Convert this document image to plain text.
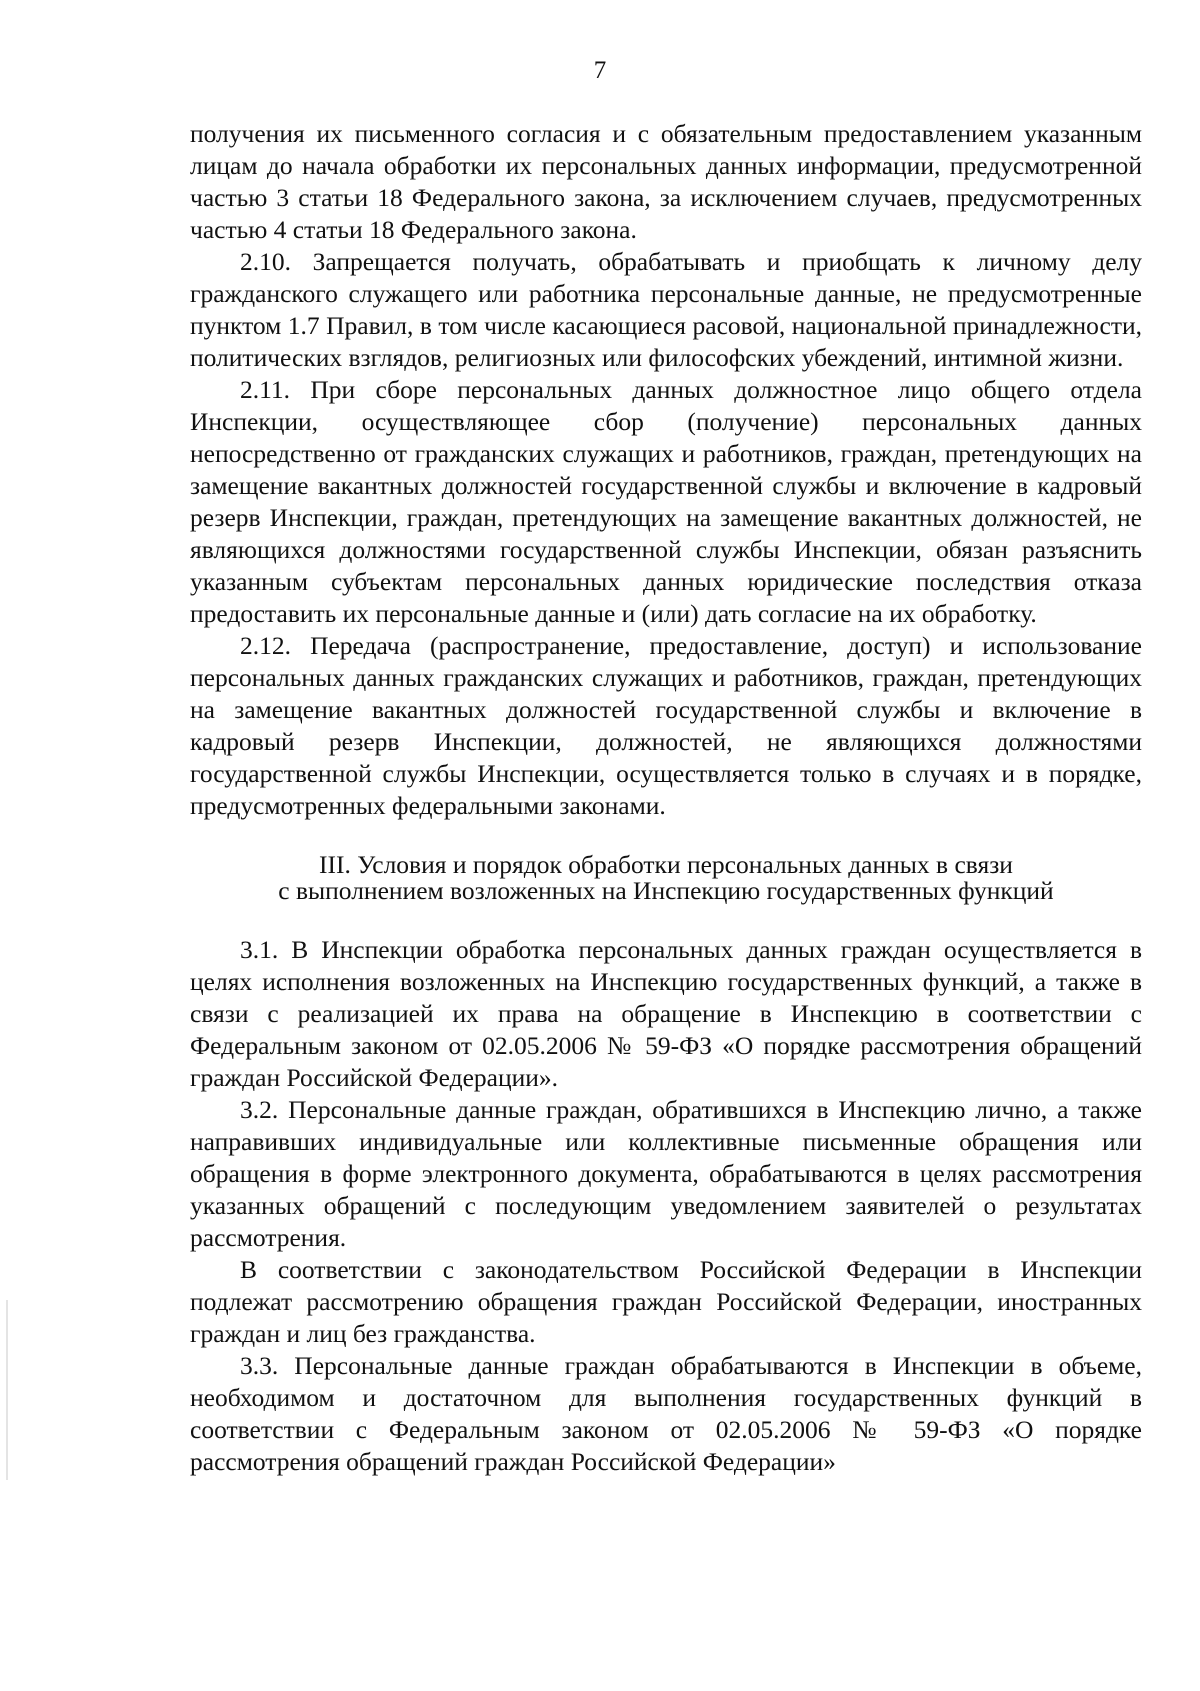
7

получения их письменного согласия и с обязательным предоставлением указанным лицам до начала обработки их персональных данных информации, предусмотренной частью 3 статьи 18 Федерального закона, за исключением случаев, предусмотренных частью 4 статьи 18 Федерального закона.

2.10. Запрещается получать, обрабатывать и приобщать к личному делу гражданского служащего или работника персональные данные, не предусмотренные пунктом 1.7 Правил, в том числе касающиеся расовой, национальной принадлежности, политических взглядов, религиозных или философских убеждений, интимной жизни.

2.11. При сборе персональных данных должностное лицо общего отдела Инспекции, осуществляющее сбор (получение) персональных данных непосредственно от гражданских служащих и работников, граждан, претендующих на замещение вакантных должностей государственной службы и включение в кадровый резерв Инспекции, граждан, претендующих на замещение вакантных должностей, не являющихся должностями государственной службы Инспекции, обязан разъяснить указанным субъектам персональных данных юридические последствия отказа предоставить их персональные данные и (или) дать согласие на их обработку.

2.12. Передача (распространение, предоставление, доступ) и использование персональных данных гражданских служащих и работников, граждан, претендующих на замещение вакантных должностей государственной службы и включение в кадровый резерв Инспекции, должностей, не являющихся должностями государственной службы Инспекции, осуществляется только в случаях и в порядке, предусмотренных федеральными законами.

III. Условия и порядок обработки персональных данных в связи
с выполнением возложенных на Инспекцию государственных функций

3.1. В Инспекции обработка персональных данных граждан осуществляется в целях исполнения возложенных на Инспекцию государственных функций, а также в связи с реализацией их права на обращение в Инспекцию в соответствии с Федеральным законом от 02.05.2006 № 59-ФЗ «О порядке рассмотрения обращений граждан Российской Федерации».

3.2. Персональные данные граждан, обратившихся в Инспекцию лично, а также направивших индивидуальные или коллективные письменные обращения или обращения в форме электронного документа, обрабатываются в целях рассмотрения указанных обращений с последующим уведомлением заявителей о результатах рассмотрения.

В соответствии с законодательством Российской Федерации в Инспекции подлежат рассмотрению обращения граждан Российской Федерации, иностранных граждан и лиц без гражданства.

3.3. Персональные данные граждан обрабатываются в Инспекции в объеме, необходимом и достаточном для выполнения государственных функций в соответствии с Федеральным законом от 02.05.2006 № 59-ФЗ «О порядке рассмотрения обращений граждан Российской Федерации»
